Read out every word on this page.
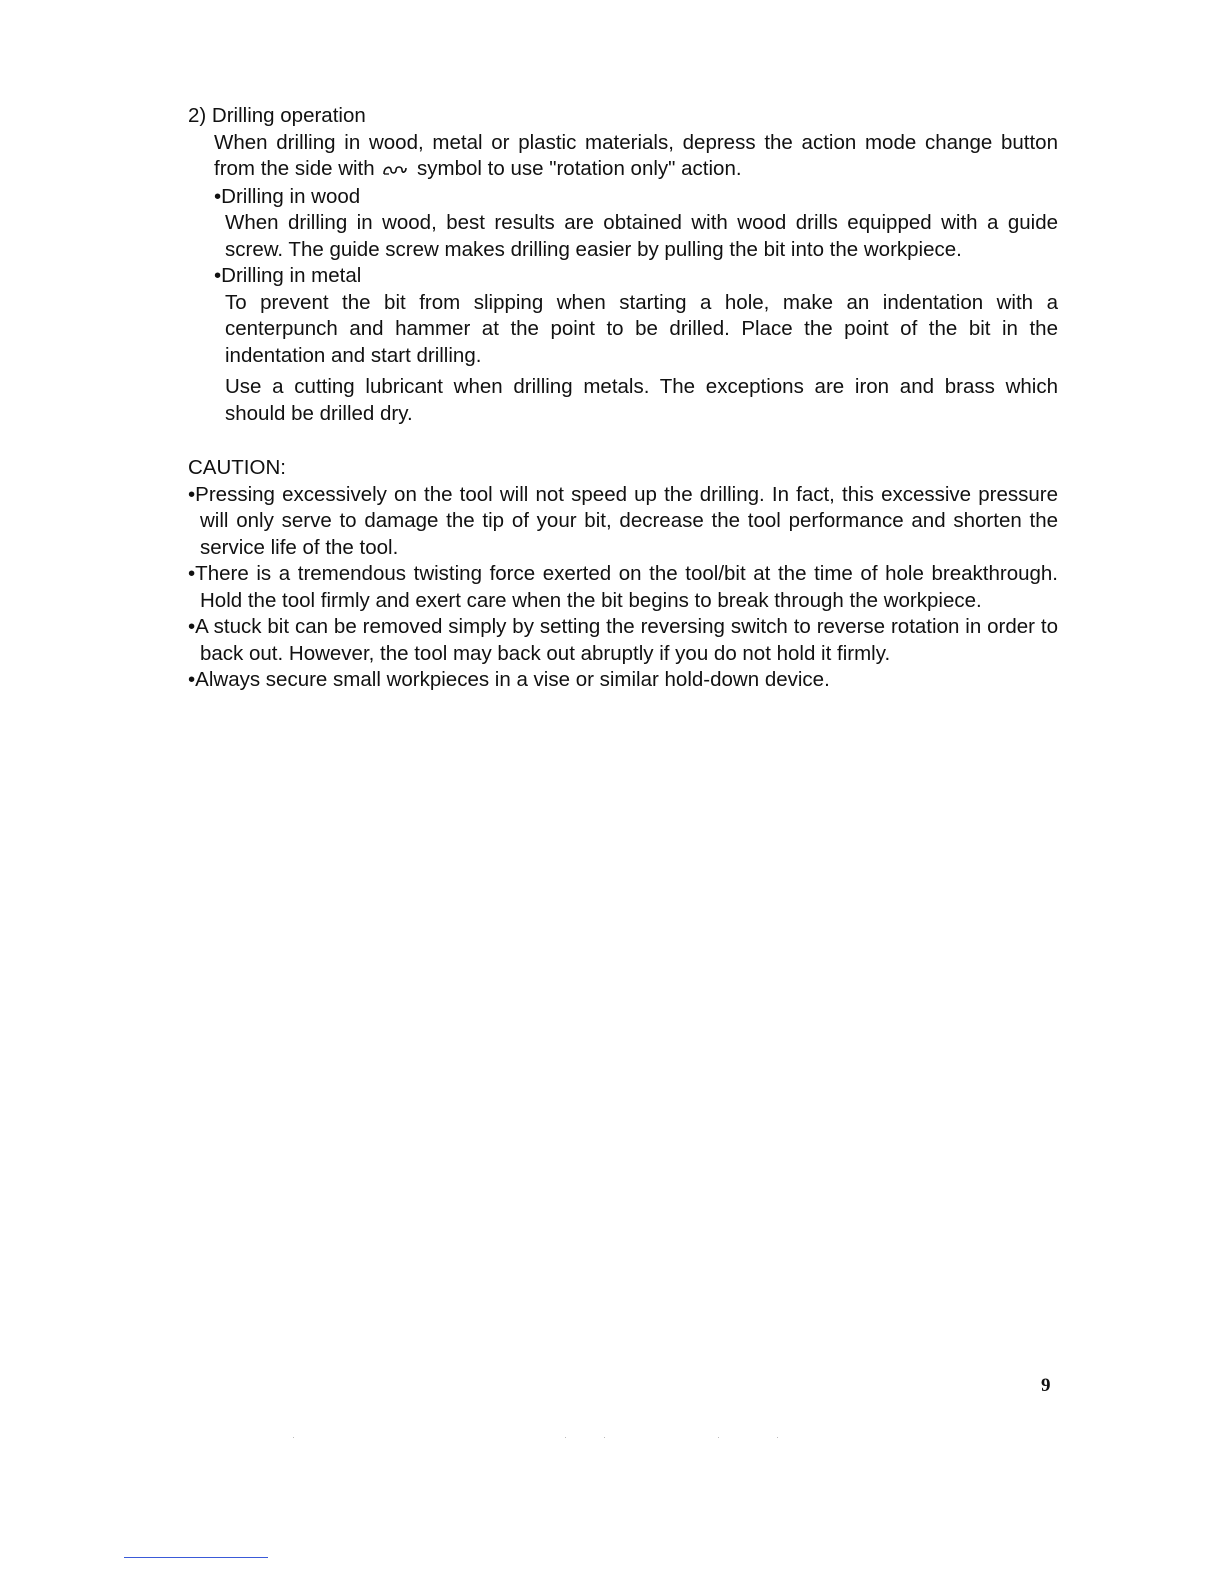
2) Drilling operation

When drilling in wood, metal or plastic materials, depress the action mode change button from the side with  symbol to use "rotation only" action.

•Drilling in wood

When drilling in wood, best results are obtained with wood drills equipped with a guide screw. The guide screw makes drilling easier by pulling the bit into the workpiece.

•Drilling in metal

To prevent the bit from slipping when starting a hole, make an indentation with a centerpunch and hammer at the point to be drilled. Place the point of the bit in the indentation and start drilling.

Use a cutting lubricant when drilling metals. The exceptions are iron and brass which should be drilled dry.

CAUTION:

•Pressing excessively on the tool will not speed up the drilling. In fact, this excessive pressure will only serve to damage the tip of your bit, decrease the tool performance and shorten the service life of the tool.

•There is a tremendous twisting force exerted on the tool/bit at the time of hole breakthrough. Hold the tool firmly and exert care when the bit begins to break through the workpiece.

•A stuck bit can be removed simply by setting the reversing switch to reverse rotation in order to back out. However, the tool may back out abruptly if you do not hold it firmly.

•Always secure small workpieces in a vise or similar hold-down device.

9
